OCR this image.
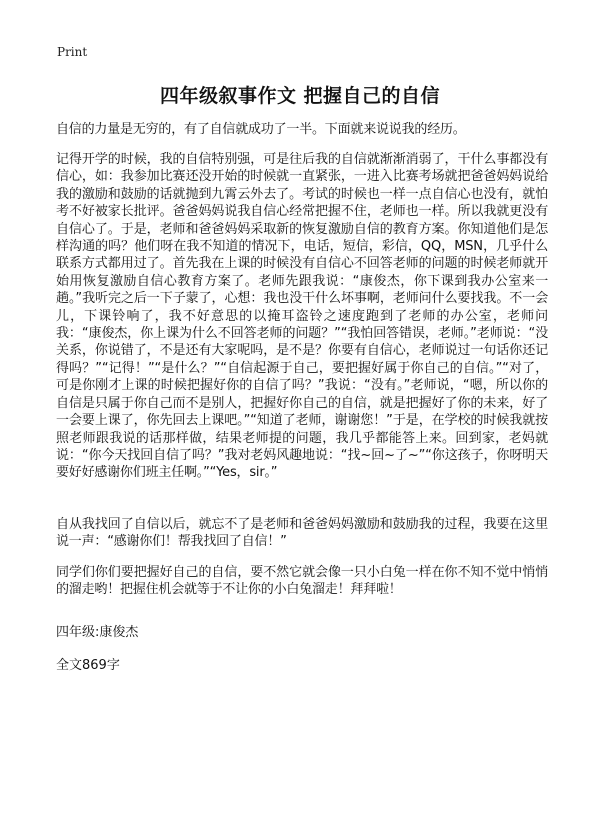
Print
四年级叙事作文 把握自己的自信

自信的力量是无穷的，有了自信就成功了一半。下面就来说说我的经历。

记得开学的时候，我的自信特别强，可是往后我的自信就渐渐消弱了，干什么事都没有信心，如：我参加比赛还没开始的时候就一直紧张，一进入比赛考场就把爸爸妈妈说给我的激励和鼓励的话就抛到九霄云外去了。考试的时候也一样一点自信心也没有，就怕考不好被家长批评。爸爸妈妈说我自信心经常把握不住，老师也一样。所以我就更没有自信心了。于是，老师和爸爸妈妈采取新的恢复激励自信的教育方案。你知道他们是怎样沟通的吗？他们呀在我不知道的情况下，电话，短信，彩信，QQ，MSN，几乎什么联系方式都用过了。首先我在上课的时候没有自信心不回答老师的问题的时候老师就开始用恢复激励自信心教育方案了。老师先跟我说：“康俊杰，你下课到我办公室来一趟。”我听完之后一下子蒙了，心想：我也没干什么坏事啊，老师问什么要找我。不一会儿，下课铃响了，我不好意思的以掩耳盗铃之速度跑到了老师的办公室，老师问我：“康俊杰，你上课为什么不回答老师的问题？”“我怕回答错误，老师。”老师说：“没关系，你说错了，不是还有大家呢吗，是不是？你要有自信心，老师说过一句话你还记得吗？”“记得！”“是什么？”“自信起源于自己，要把握好属于你自己的自信。”“对了，可是你刚才上课的时候把握好你的自信了吗？”我说：“没有。”老师说，“嗯，所以你的自信是只属于你自己而不是别人，把握好你自己的自信，就是把握好了你的未来，好了一会要上课了，你先回去上课吧。”“知道了老师，谢谢您！”于是，在学校的时候我就按照老师跟我说的话那样做，结果老师提的问题，我几乎都能答上来。回到家，老妈就说：“你今天找回自信了吗？”我对老妈风趣地说：“找~回~了~”“你这孩子，你呀明天要好好感谢你们班主任啊。”“Yes，sir。”

自从我找回了自信以后，就忘不了是老师和爸爸妈妈激励和鼓励我的过程，我要在这里说一声：“感谢你们！帮我找回了自信！”

同学们你们要把握好自己的自信，要不然它就会像一只小白兔一样在你不知不觉中悄悄的溜走哟！把握住机会就等于不让你的小白兔溜走！拜拜啦！

四年级:康俊杰

全文869字
